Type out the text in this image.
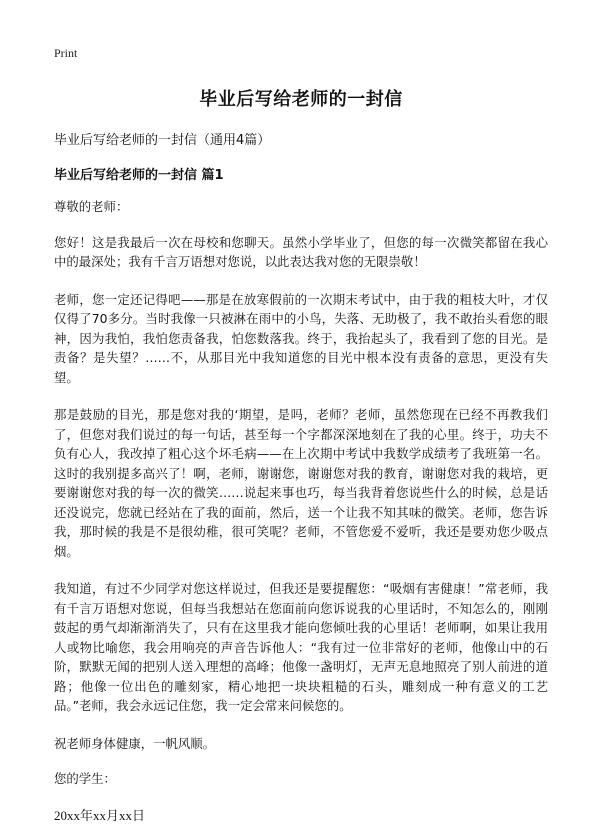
Print
毕业后写给老师的一封信
毕业后写给老师的一封信（通用4篇）
毕业后写给老师的一封信 篇1
尊敬的老师：
您好！这是我最后一次在母校和您聊天。虽然小学毕业了，但您的每一次微笑都留在我心中的最深处；我有千言万语想对您说，以此表达我对您的无限崇敬！
老师，您一定还记得吧——那是在放寒假前的一次期末考试中，由于我的粗枝大叶，才仅仅得了70多分。当时我像一只被淋在雨中的小鸟，失落、无助极了，我不敢抬头看您的眼神，因为我怕，我怕您责备我，怕您数落我。终于，我抬起头了，我看到了您的目光。是责备？是失望？……不，从那目光中我知道您的目光中根本没有责备的意思，更没有失望。
那是鼓励的目光，那是您对我的‘期望，是吗，老师？老师，虽然您现在已经不再教我们了，但您对我们说过的每一句话，甚至每一个字都深深地刻在了我的心里。终于，功夫不负有心人，我改掉了粗心这个坏毛病——在上次期中考试中我数学成绩考了我班第一名。这时的我别提多高兴了！啊，老师，谢谢您，谢谢您对我的教育，谢谢您对我的栽培，更要谢谢您对我的每一次的微笑……说起来事也巧，每当我背着您说些什么的时候，总是话还没说完，您就已经站在了我的面前，然后，送一个让我不知其味的微笑。老师，您告诉我，那时候的我是不是很幼稚，很可笑呢？老师，不管您爱不爱听，我还是要劝您少吸点烟。
我知道，有过不少同学对您这样说过，但我还是要提醒您：“吸烟有害健康！”常老师，我有千言万语想对您说，但每当我想站在您面前向您诉说我的心里话时，不知怎么的，刚刚鼓起的勇气却渐渐消失了，只有在这里我才能向您倾吐我的心里话！老师啊，如果让我用人或物比喻您，我会用响亮的声音告诉他人：“我有过一位非常好的老师，他像山中的石阶，默默无闻的把别人送入理想的高峰；他像一盏明灯，无声无息地照亮了别人前进的道路；他像一位出色的雕刻家，精心地把一块块粗糙的石头，雕刻成一种有意义的工艺品。”老师，我会永远记住您，我一定会常来问候您的。
祝老师身体健康，一帆风顺。
您的学生：
20xx年xx月xx日
